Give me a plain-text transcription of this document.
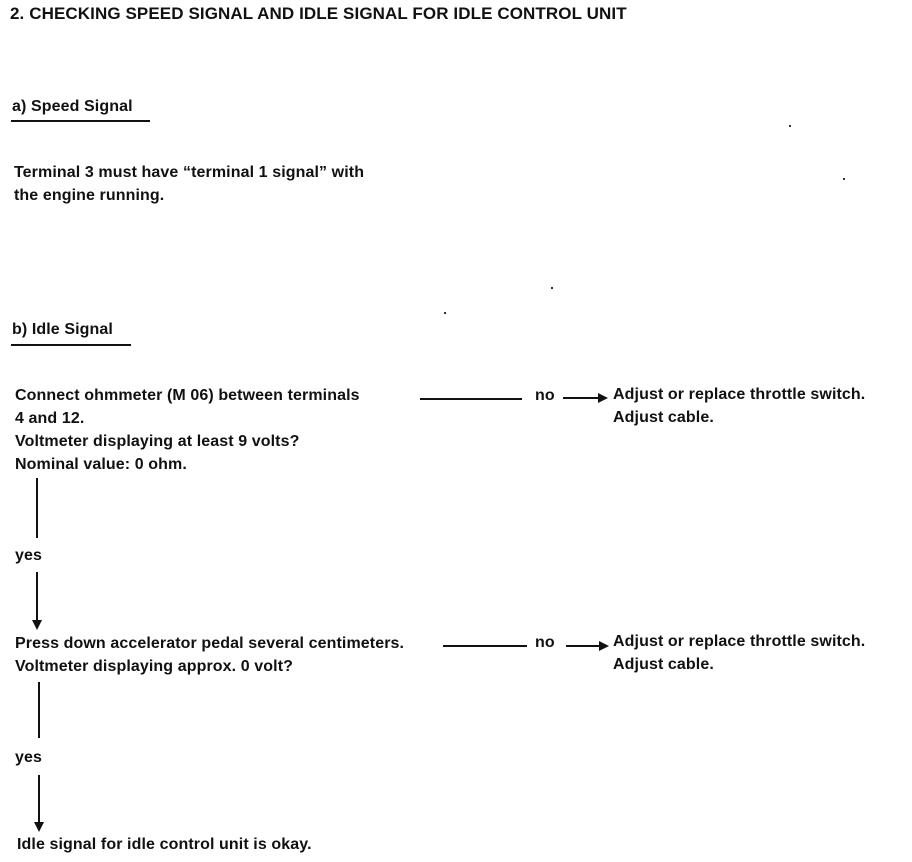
2. CHECKING SPEED SIGNAL AND IDLE SIGNAL FOR IDLE CONTROL UNIT
a) Speed Signal
Terminal 3 must have “terminal 1 signal” with
the engine running.
b) Idle Signal
Connect ohmmeter (M 06) between terminals
4 and 12.
Voltmeter displaying at least 9 volts?
Nominal value: 0 ohm.
no	Adjust or replace throttle switch.
Adjust cable.
yes
Press down accelerator pedal several centimeters.
Voltmeter displaying approx. 0 volt?
no	Adjust or replace throttle switch.
Adjust cable.
yes
Idle signal for idle control unit is okay.
